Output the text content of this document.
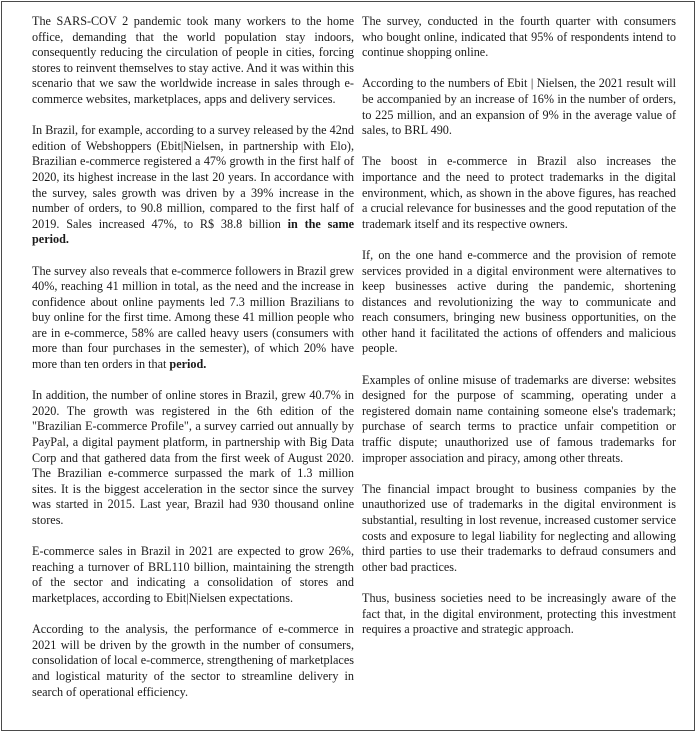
The SARS-COV 2 pandemic took many workers to the home office, demanding that the world population stay indoors, consequently reducing the circulation of people in cities, forcing stores to reinvent themselves to stay active. And it was within this scenario that we saw the worldwide increase in sales through e-commerce websites, marketplaces, apps and delivery services.

In Brazil, for example, according to a survey released by the 42nd edition of Webshoppers (Ebit|Nielsen, in partnership with Elo), Brazilian e-commerce registered a 47% growth in the first half of 2020, its highest increase in the last 20 years. In accordance with the survey, sales growth was driven by a 39% increase in the number of orders, to 90.8 million, compared to the first half of 2019. Sales increased 47%, to R$ 38.8 billion in the same period.

The survey also reveals that e-commerce followers in Brazil grew 40%, reaching 41 million in total, as the need and the increase in confidence about online payments led 7.3 million Brazilians to buy online for the first time. Among these 41 million people who are in e-commerce, 58% are called heavy users (consumers with more than four purchases in the semester), of which 20% have more than ten orders in that period.

In addition, the number of online stores in Brazil, grew 40.7% in 2020. The growth was registered in the 6th edition of the "Brazilian E-commerce Profile", a survey carried out annually by PayPal, a digital payment platform, in partnership with Big Data Corp and that gathered data from the first week of August 2020. The Brazilian e-commerce surpassed the mark of 1.3 million sites. It is the biggest acceleration in the sector since the survey was started in 2015. Last year, Brazil had 930 thousand online stores.

E-commerce sales in Brazil in 2021 are expected to grow 26%, reaching a turnover of BRL110 billion, maintaining the strength of the sector and indicating a consolidation of stores and marketplaces, according to Ebit|Nielsen expectations.

According to the analysis, the performance of e-commerce in 2021 will be driven by the growth in the number of consumers, consolidation of local e-commerce, strengthening of marketplaces and logistical maturity of the sector to streamline delivery in search of operational efficiency.

The survey, conducted in the fourth quarter with consumers who bought online, indicated that 95% of respondents intend to continue shopping online.

According to the numbers of Ebit | Nielsen, the 2021 result will be accompanied by an increase of 16% in the number of orders, to 225 million, and an expansion of 9% in the average value of sales, to BRL 490.

The boost in e-commerce in Brazil also increases the importance and the need to protect trademarks in the digital environment, which, as shown in the above figures, has reached a crucial relevance for businesses and the good reputation of the trademark itself and its respective owners.

If, on the one hand e-commerce and the provision of remote services provided in a digital environment were alternatives to keep businesses active during the pandemic, shortening distances and revolutionizing the way to communicate and reach consumers, bringing new business opportunities, on the other hand it facilitated the actions of offenders and malicious people.

Examples of online misuse of trademarks are diverse: websites designed for the purpose of scamming, operating under a registered domain name containing someone else's trademark; purchase of search terms to practice unfair competition or traffic dispute; unauthorized use of famous trademarks for improper association and piracy, among other threats.

The financial impact brought to business companies by the unauthorized use of trademarks in the digital environment is substantial, resulting in lost revenue, increased customer service costs and exposure to legal liability for neglecting and allowing third parties to use their trademarks to defraud consumers and other bad practices.

Thus, business societies need to be increasingly aware of the fact that, in the digital environment, protecting this investment requires a proactive and strategic approach.
